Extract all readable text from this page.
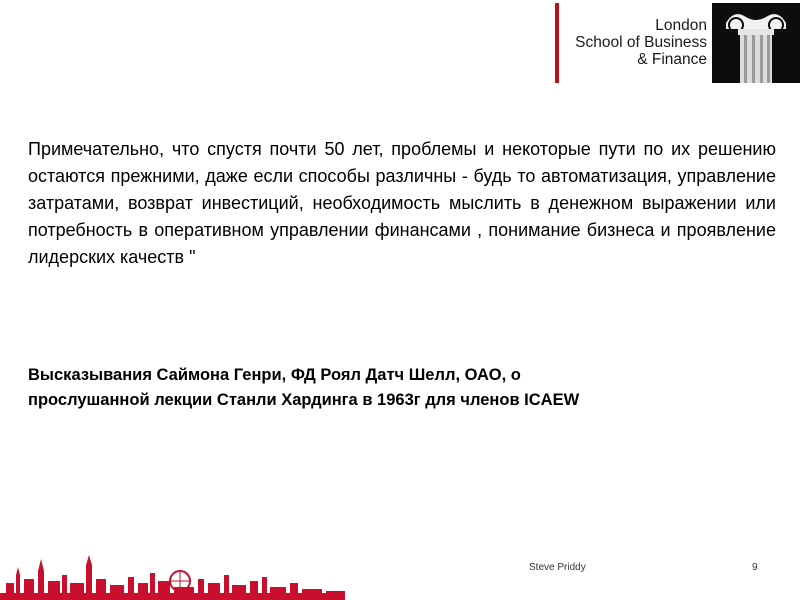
London
School of Business
& Finance

Примечательно, что спустя почти 50 лет, проблемы и некоторые пути по их решению остаются прежними, даже если способы различны - будь то автоматизация, управление затратами, возврат инвестиций, необходимость мыслить в денежном выражении или потребность в оперативном управлении финансами , понимание бизнеса и проявление лидерских качеств "

Высказывания Саймона Генри, ФД Роял Датч Шелл, ОАО, о
прослушанной лекции Станли Хардинга в 1963г для членов ICAEW

Steve Priddy	9
